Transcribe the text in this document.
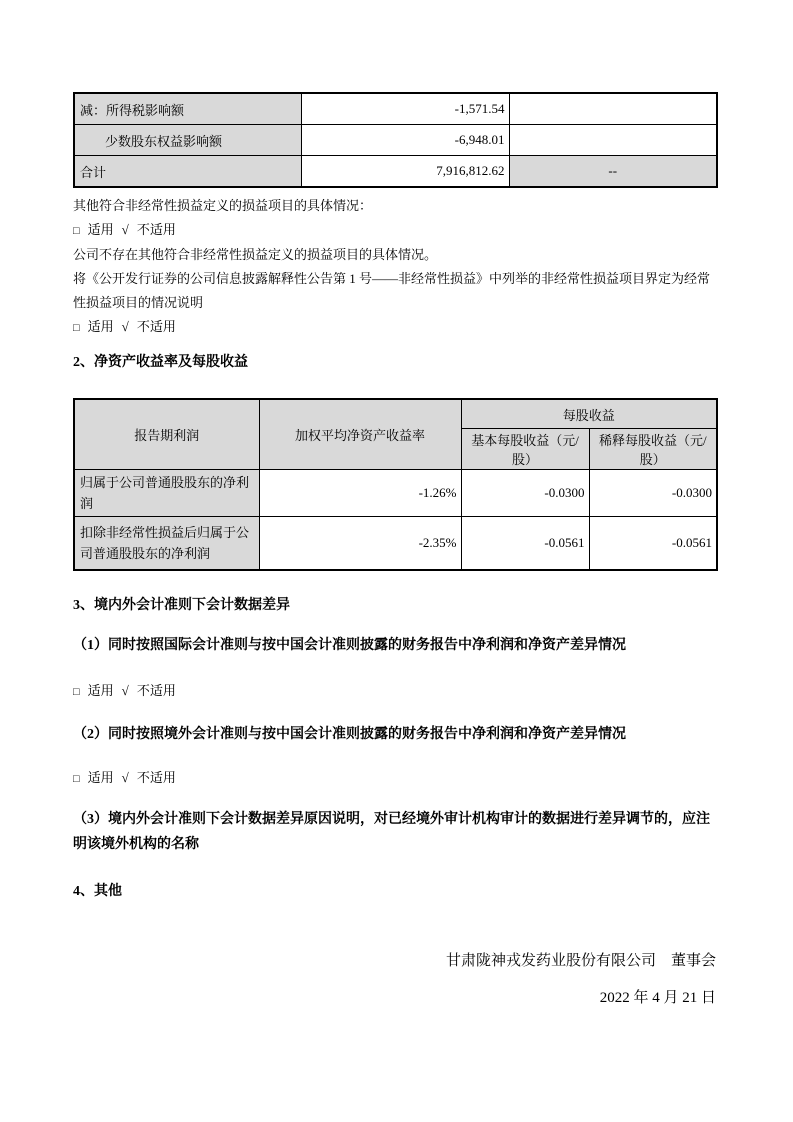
减：所得税影响额	-1,571.54	
少数股东权益影响额	-6,948.01	
合计	7,916,812.62	--

其他符合非经常性损益定义的损益项目的具体情况：

□ 适用 √ 不适用

公司不存在其他符合非经常性损益定义的损益项目的具体情况。

将《公开发行证券的公司信息披露解释性公告第 1 号——非经常性损益》中列举的非经常性损益项目界定为经常性损益项目的情况说明

□ 适用 √ 不适用

2、净资产收益率及每股收益

报告期利润	加权平均净资产收益率	每股收益	
		基本每股收益（元/股）	稀释每股收益（元/股）
归属于公司普通股股东的净利润	-1.26%	-0.0300	-0.0300
扣除非经常性损益后归属于公司普通股股东的净利润	-2.35%	-0.0561	-0.0561

3、境内外会计准则下会计数据差异

（1）同时按照国际会计准则与按中国会计准则披露的财务报告中净利润和净资产差异情况

□ 适用 √ 不适用

（2）同时按照境外会计准则与按中国会计准则披露的财务报告中净利润和净资产差异情况

□ 适用 √ 不适用

（3）境内外会计准则下会计数据差异原因说明，对已经境外审计机构审计的数据进行差异调节的，应注明该境外机构的名称

4、其他

甘肃陇神戎发药业股份有限公司　董事会

2022 年 4 月 21 日
